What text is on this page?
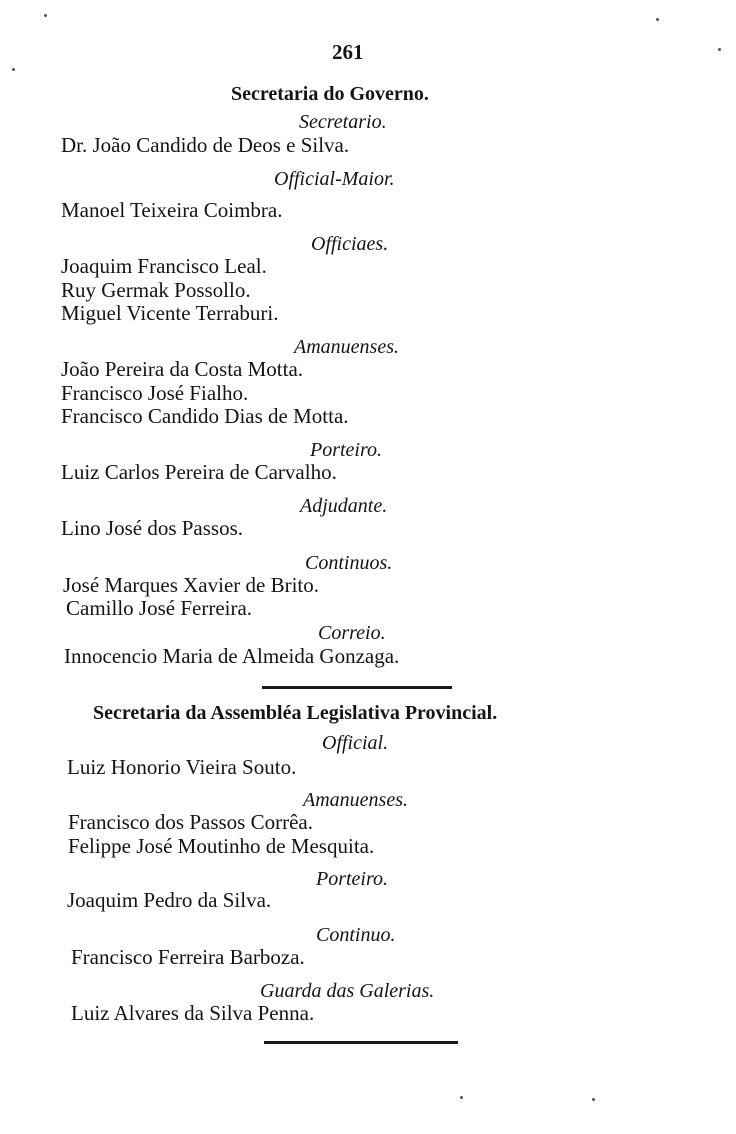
261
Secretaria do Governo.
Secretario.
Dr. João Candido de Deos e Silva.
Official-Maior.
Manoel Teixeira Coimbra.
Officiaes.
Joaquim Francisco Leal.
Ruy Germak Possollo.
Miguel Vicente Terraburi.
Amanuenses.
João Pereira da Costa Motta.
Francisco José Fialho.
Francisco Candido Dias de Motta.
Porteiro.
Luiz Carlos Pereira de Carvalho.
Adjudante.
Lino José dos Passos.
Continuos.
José Marques Xavier de Brito.
Camillo José Ferreira.
Correio.
Innocencio Maria de Almeida Gonzaga.
Secretaria da Assembléa Legislativa Provincial.
Official.
Luiz Honorio Vieira Souto.
Amanuenses.
Francisco dos Passos Corrêa.
Felippe José Moutinho de Mesquita.
Porteiro.
Joaquim Pedro da Silva.
Continuo.
Francisco Ferreira Barboza.
Guarda das Galerias.
Luiz Alvares da Silva Penna.
